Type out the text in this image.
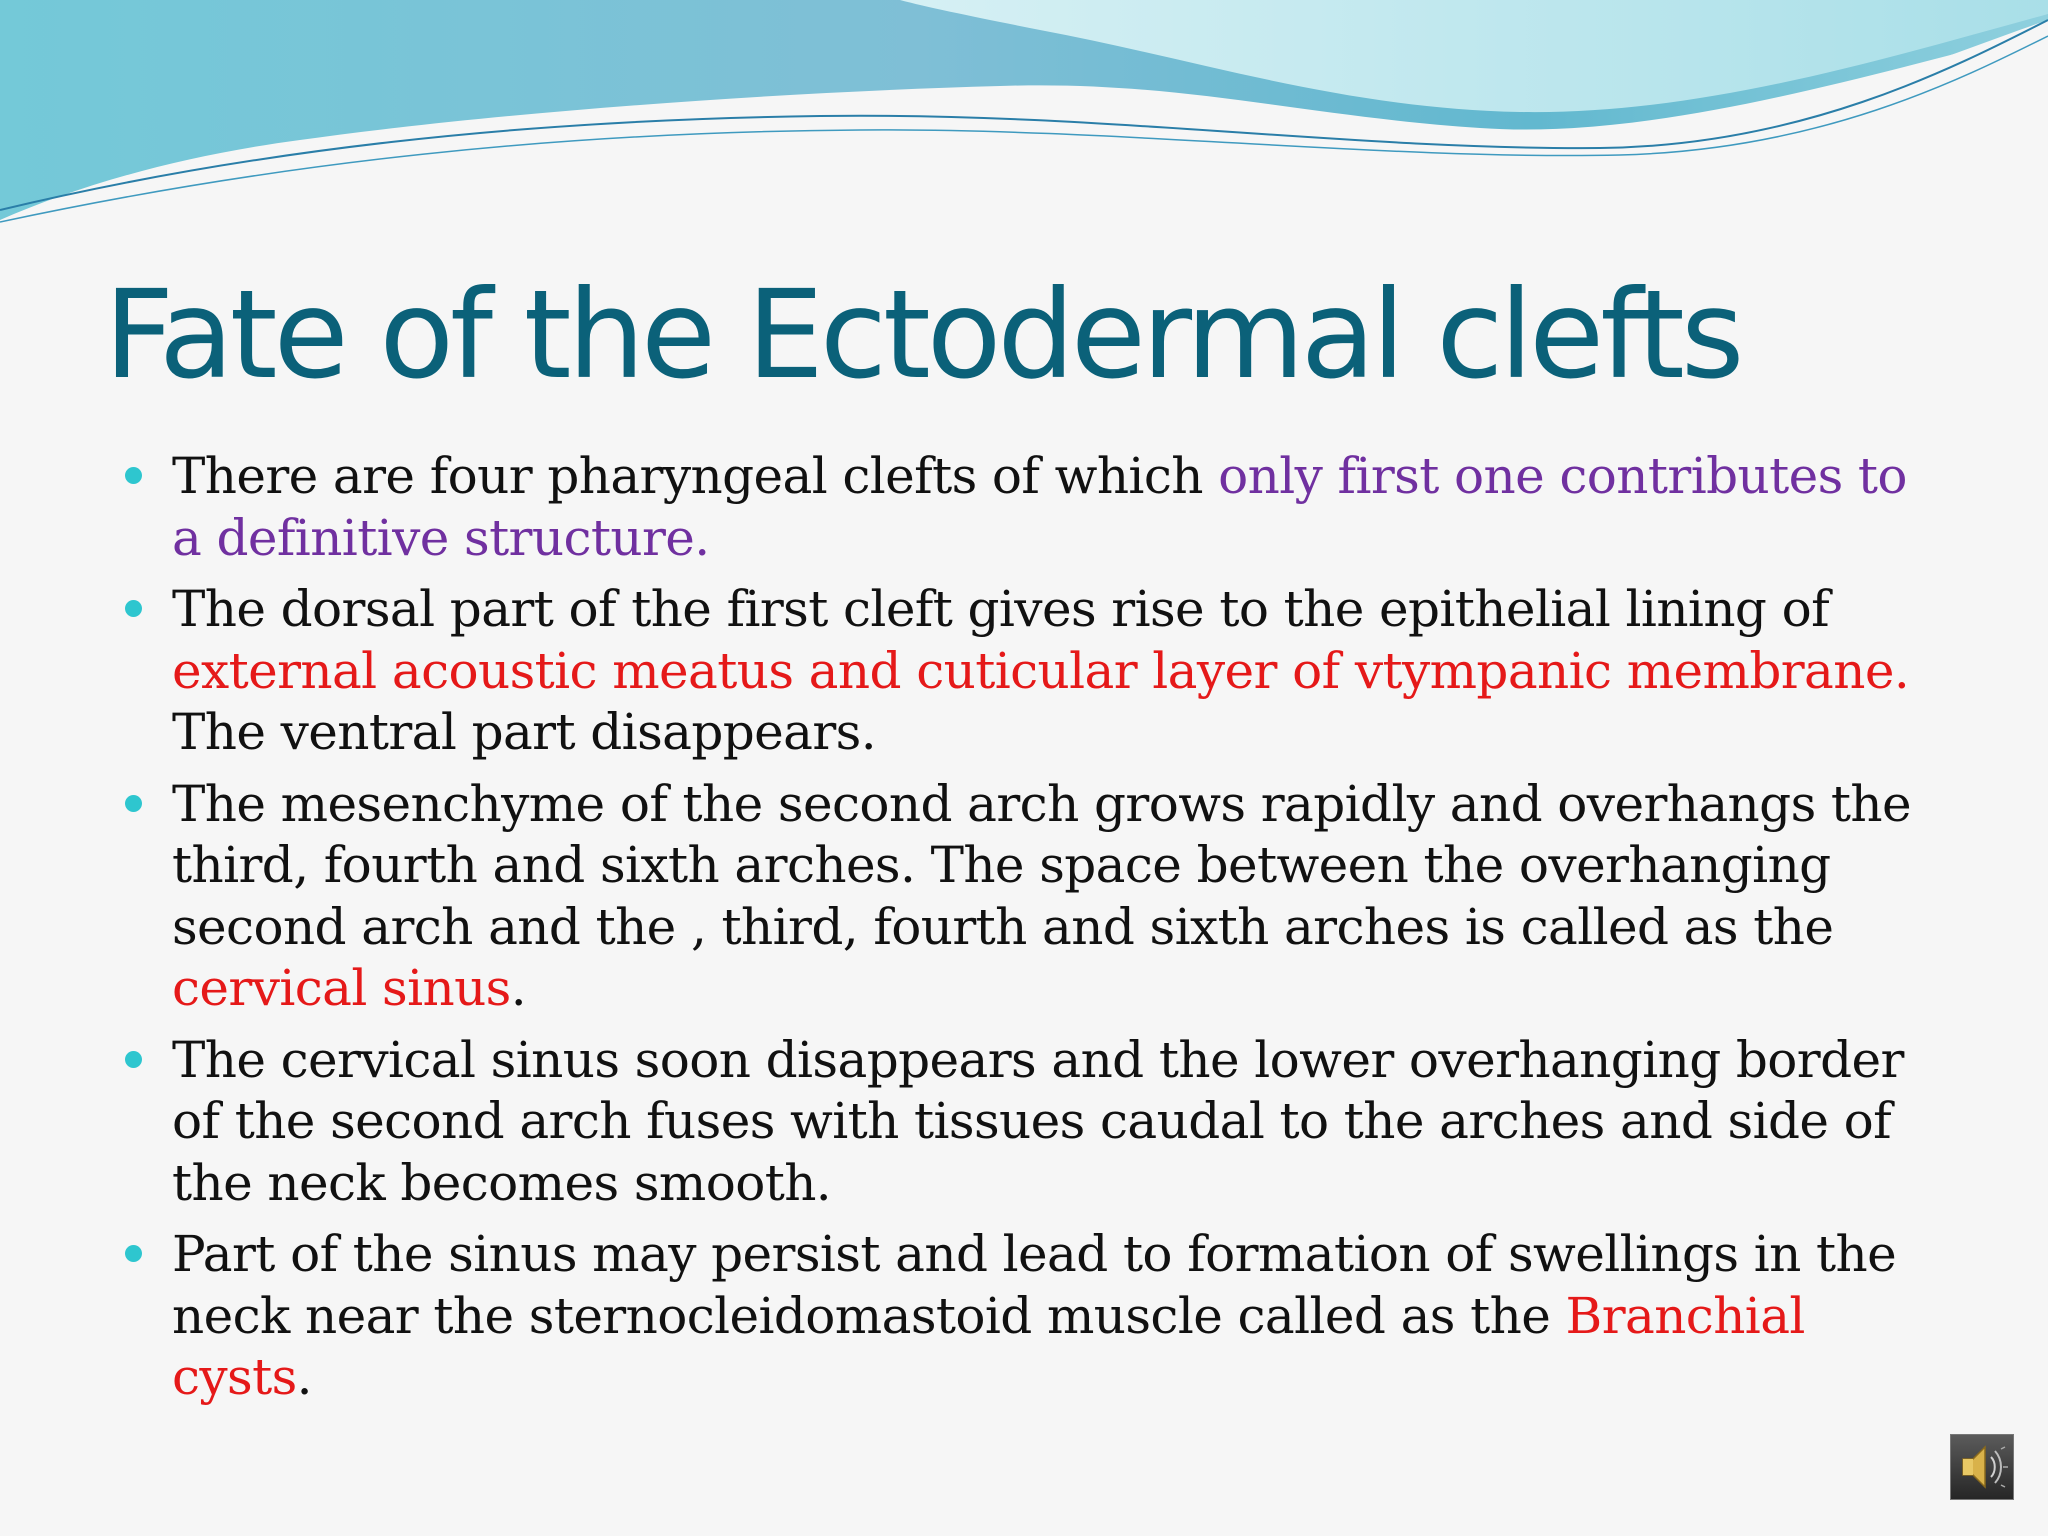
Fate of the Ectodermal clefts
There are four pharyngeal clefts of which only first one contributes to a definitive structure.
The dorsal part of the first cleft gives rise to the epithelial lining of external acoustic meatus and cuticular layer of vtympanic membrane. The ventral part disappears.
The mesenchyme of the second arch grows rapidly and overhangs the third, fourth and sixth arches. The space between the overhanging second arch and the , third, fourth and sixth arches is called as the cervical sinus.
The cervical sinus soon disappears and the lower overhanging border of the second arch fuses with tissues caudal to the arches and side of the neck becomes smooth.
Part of the sinus may persist and lead to formation of swellings in the neck near the sternocleidomastoid muscle called as the Branchial cysts.
